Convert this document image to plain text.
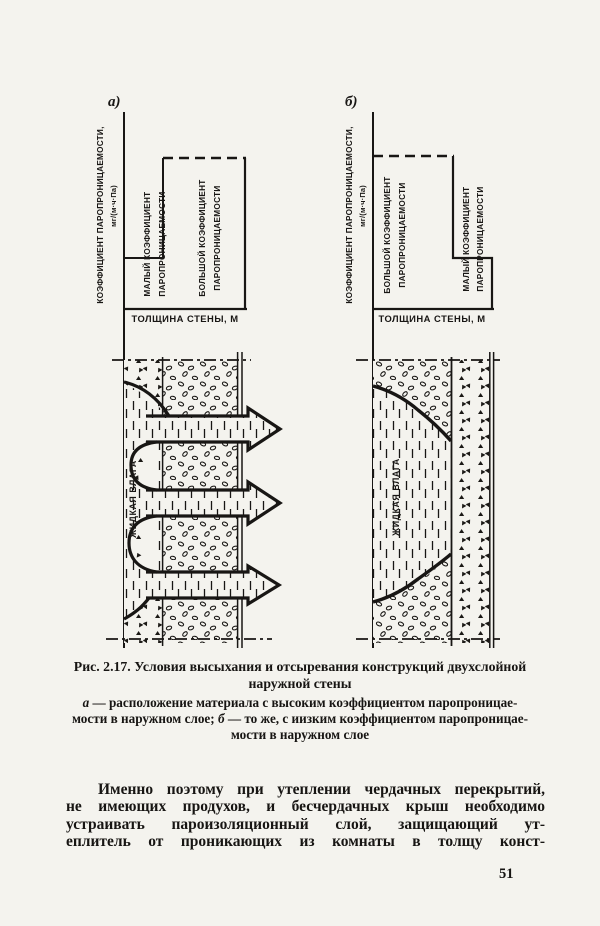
а)
КОЭФФИЦИЕНТ ПАРОПРОНИЦАЕМОСТИ, мг/(м·ч·Па)
ТОЛЩИНА СТЕНЫ, М
МАЛЫЙ КОЭФФИЦИЕНТ ПАРОПРОНИЦАЕМОСТИ	БОЛЬШОЙ КОЭФФИЦИЕНТ ПАРОПРОНИЦАЕМОСТИ
ЖИДКАЯ ВЛАГА
б)
КОЭФФИЦИЕНТ ПАРОПРОНИЦАЕМОСТИ, мг/(м·ч·Па)
ТОЛЩИНА СТЕНЫ, М
БОЛЬШОЙ КОЭФФИЦИЕНТ ПАРОПРОНИЦАЕМОСТИ	МАЛЫЙ КОЭФФИЦИЕНТ ПАРОПРОНИЦАЕМОСТИ
ЖИДКАЯ ВЛАГА
Рис. 2.17. Условия высыхания и отсыревания конструкций двухслойной
наружной стены
а — расположение материала с высоким коэффициентом паропроницае-
мости в наружном слое; б — то же, с иизким коэффициентом паропроницае-
мости в наружном слое
Именно поэтому при утеплении чердачных перекрытий,
не имеющих продухов, и бесчердачных крыш необходимо
устраивать пароизоляционный слой, защищающий ут-
еплитель от проникающих из комнаты в толщу конст-
51
